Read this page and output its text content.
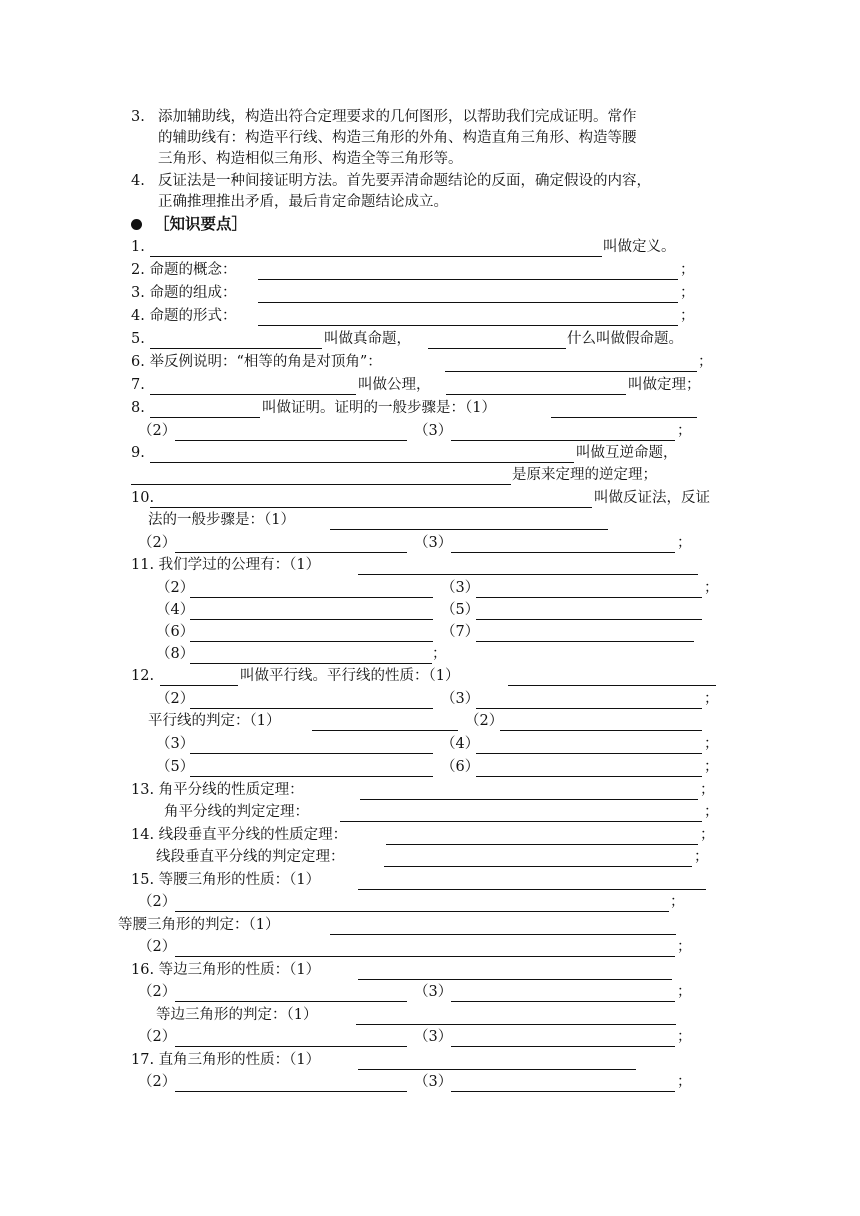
3. 添加辅助线，构造出符合定理要求的几何图形，以帮助我们完成证明。常作
的辅助线有：构造平行线、构造三角形的外角、构造直角三角形、构造等腰
三角形、构造相似三角形、构造全等三角形等。
4. 反证法是一种间接证明方法。首先要弄清命题结论的反面，确定假设的内容，
正确推理推出矛盾，最后肯定命题结论成立。
［知识要点］
1.	叫做定义。
2. 命题的概念：	；
3. 命题的组成：	；
4. 命题的形式：	；
5.	叫做真命题，	什么叫做假命题。
6. 举反例说明：“相等的角是对顶角”：	；
7.	叫做公理，	叫做定理；
8.	叫做证明。证明的一般步骤是：（1）
（2）	（3）	；
9.	叫做互逆命题，
是原来定理的逆定理；
10.	叫做反证法，反证
法的一般步骤是：（1）
（2）	（3）	；
11. 我们学过的公理有：（1）
（2）	（3）	；
（4）	（5）
（6）	（7）
（8）	；
12.	叫做平行线。平行线的性质：（1）
（2）	（3）	；
平行线的判定：（1）	（2）
（3）	（4）	；
（5）	（6）	；
13. 角平分线的性质定理：	；
角平分线的判定定理：	；
14. 线段垂直平分线的性质定理：	；
线段垂直平分线的判定定理：	；
15. 等腰三角形的性质：（1）
（2）	；
等腰三角形的判定：（1）
（2）	；
16. 等边三角形的性质：（1）
（2）	（3）	；
等边三角形的判定：（1）
（2）	（3）	；
17. 直角三角形的性质：（1）
（2）	（3）	；
